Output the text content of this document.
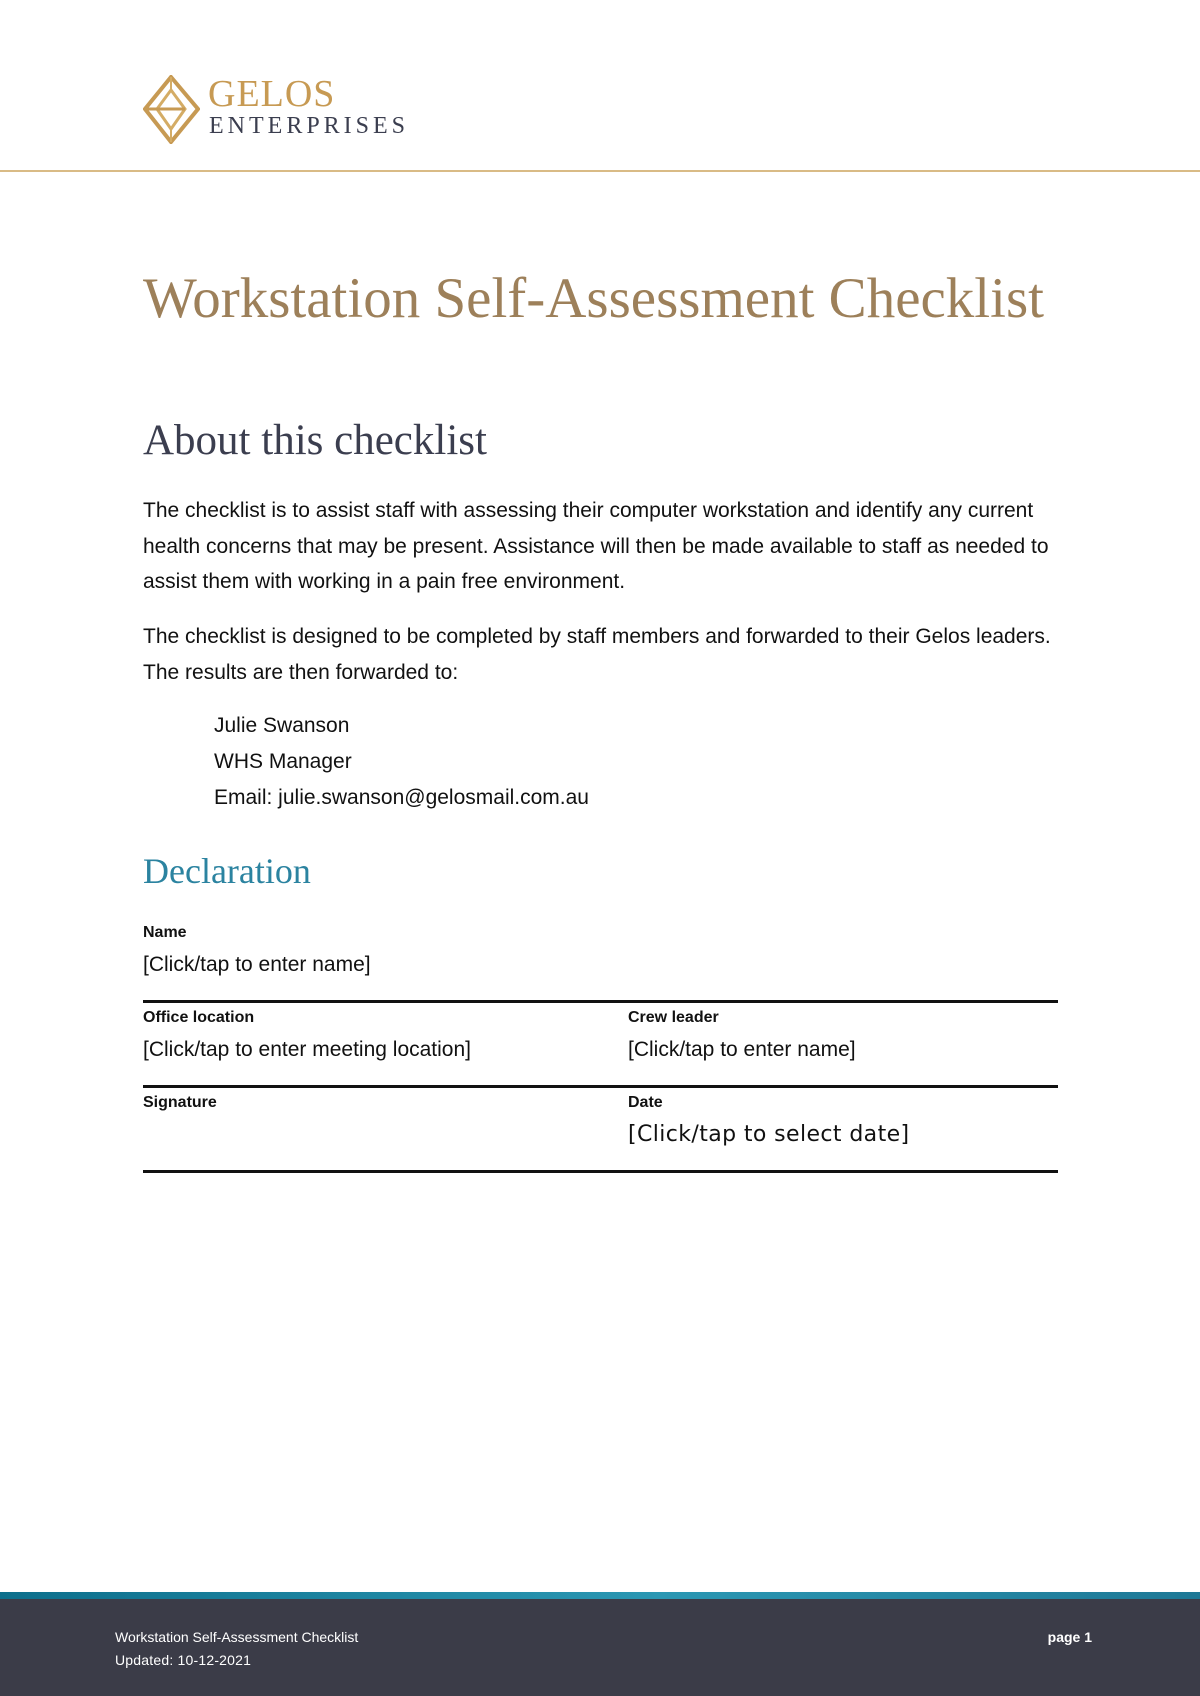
GELOS
ENTERPRISES
Workstation Self-Assessment Checklist
About this checklist

The checklist is to assist staff with assessing their computer workstation and identify any current health concerns that may be present. Assistance will then be made available to staff as needed to assist them with working in a pain free environment.

The checklist is designed to be completed by staff members and forwarded to their Gelos leaders. The results are then forwarded to:

Julie Swanson
WHS Manager
Email: julie.swanson@gelosmail.com.au
Declaration
Name
[Click/tap to enter name]
Office location
[Click/tap to enter meeting location]
Crew leader
[Click/tap to enter name]
Signature	Date
[Click/tap to select date]
Workstation Self-Assessment Checklist
Updated: 10-12-2021
page 1
